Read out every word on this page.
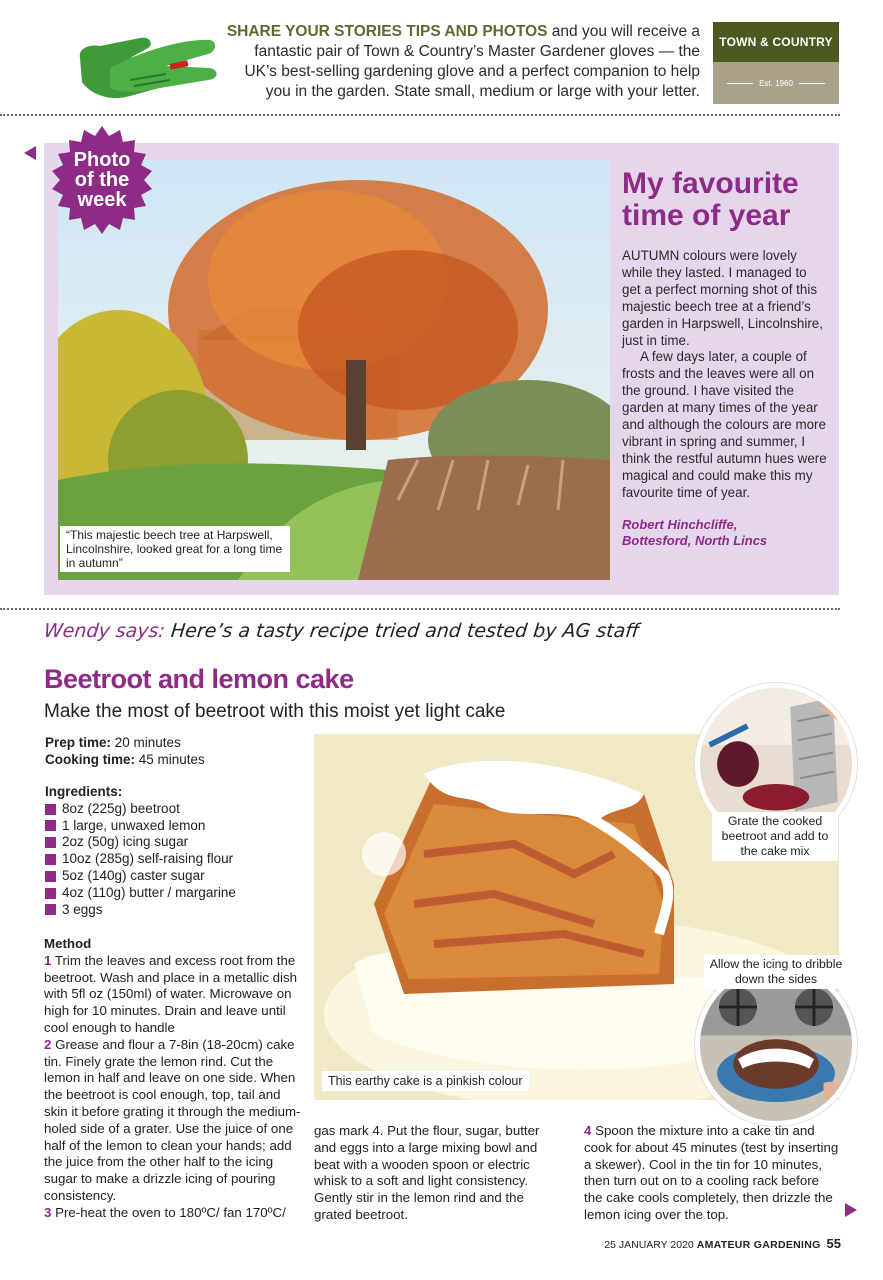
SHARE YOUR STORIES TIPS AND PHOTOS and you will receive a fantastic pair of Town & Country’s Master Gardener gloves — the UK’s best-selling gardening glove and a perfect companion to help you in the garden. State small, medium or large with your letter.
TOWN & COUNTRY
Est. 1960
“This majestic beech tree at Harpswell, Lincolnshire, looked great for a long time in autumn”
Photo
of the
week	My favourite time of year

AUTUMN colours were lovely while they lasted. I managed to get a perfect morning shot of this majestic beech tree at a friend’s garden in Harpswell, Lincolnshire, just in time.

A few days later, a couple of frosts and the leaves were all on the ground. I have visited the garden at many times of the year and although the colours are more vibrant in spring and summer, I think the restful autumn hues were magical and could make this my favourite time of year.

Robert Hinchcliffe,
Bottesford, North Lincs
Wendy says: Here’s a tasty recipe tried and tested by AG staff
Beetroot and lemon cake
Make the most of beetroot with this moist yet light cake
Prep time: 20 minutes
Cooking time: 45 minutes
Ingredients:
8oz (225g) beetroot
1 large, unwaxed lemon
2oz (50g) icing sugar
10oz (285g) self-raising flour
5oz (140g) caster sugar
4oz (110g) butter / margarine
3 eggs
Method

1 Trim the leaves and excess root from the beetroot. Wash and place in a metallic dish with 5fl oz (150ml) of water. Microwave on high for 10 minutes. Drain and leave until cool enough to handle

2 Grease and flour a 7-8in (18-20cm) cake tin. Finely grate the lemon rind. Cut the lemon in half and leave on one side. When the beetroot is cool enough, top, tail and skin it before grating it through the medium-holed side of a grater. Use the juice of one half of the lemon to clean your hands; add the juice from the other half to the icing sugar to make a drizzle icing of pouring consistency.

3 Pre-heat the oven to 180ºC/ fan 170ºC/

This earthy cake is a pinkish colour
Grate the cooked beetroot and add to the cake mix
Allow the icing to dribble down the sides
gas mark 4. Put the flour, sugar, butter and eggs into a large mixing bowl and beat with a wooden spoon or electric whisk to a soft and light consistency. Gently stir in the lemon rind and the grated beetroot.
4 Spoon the mixture into a cake tin and cook for about 45 minutes (test by inserting a skewer). Cool in the tin for 10 minutes, then turn out on to a cooling rack before the cake cools completely, then drizzle the lemon icing over the top.
25 JANUARY 2020 AMATEUR GARDENING 55
